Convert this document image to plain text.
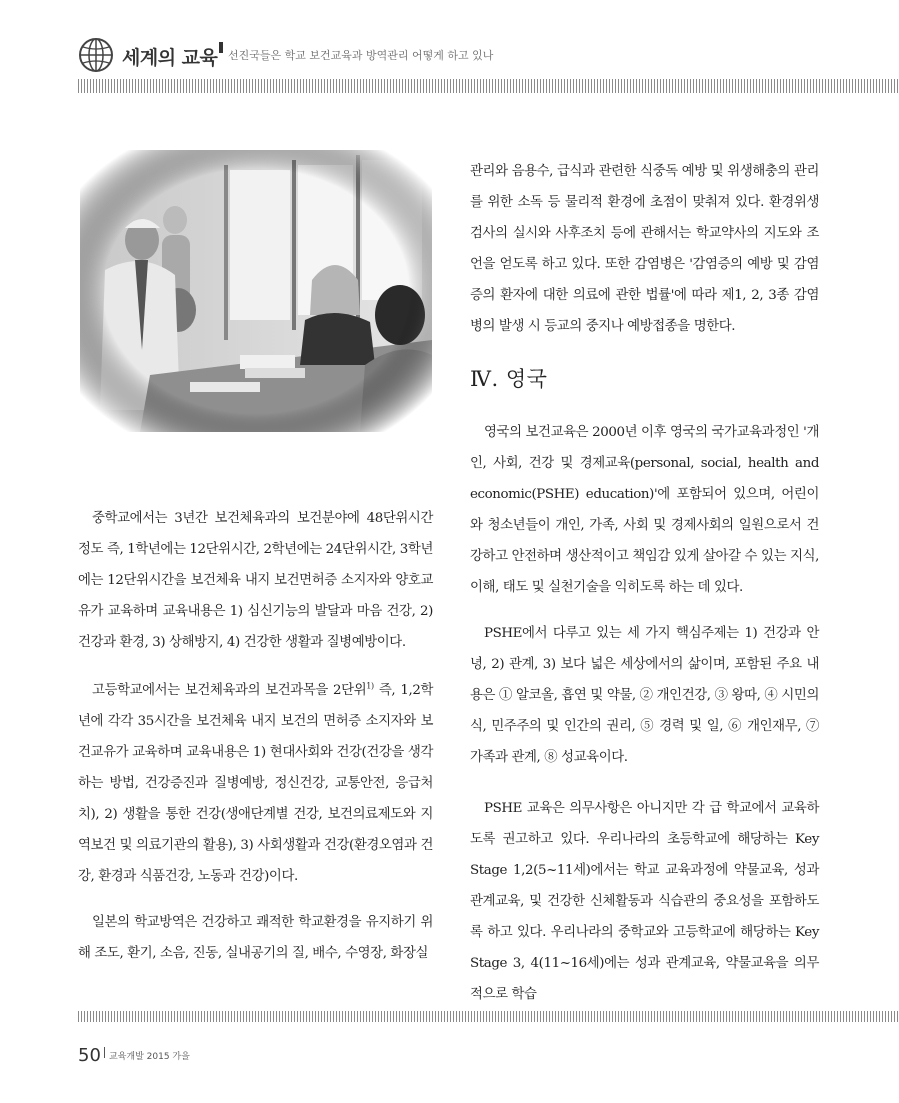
세계의 교육 선진국들은 학교 보건교육과 방역관리 어떻게 하고 있나

중학교에서는 3년간 보건체육과의 보건분야에 48단위시간 정도 즉, 1학년에는 12단위시간, 2학년에는 24단위시간, 3학년에는 12단위시간을 보건체육 내지 보건면허증 소지자와 양호교유가 교육하며 교육내용은 1) 심신기능의 발달과 마음 건강, 2) 건강과 환경, 3) 상해방지, 4) 건강한 생활과 질병예방이다.

고등학교에서는 보건체육과의 보건과목을 2단위$^{1)}$ 즉, 1,2학년에 각각 35시간을 보건체육 내지 보건의 면허증 소지자와 보건교유가 교육하며 교육내용은 1) 현대사회와 건강(건강을 생각하는 방법, 건강증진과 질병예방, 정신건강, 교통안전, 응급처치), 2) 생활을 통한 건강(생애단계별 건강, 보건의료제도와 지역보건 및 의료기관의 활용), 3) 사회생활과 건강(환경오염과 건강, 환경과 식품건강, 노동과 건강)이다.

일본의 학교방역은 건강하고 쾌적한 학교환경을 유지하기 위해 조도, 환기, 소음, 진동, 실내공기의 질, 배수, 수영장, 화장실

관리와 음용수, 급식과 관련한 식중독 예방 및 위생해충의 관리를 위한 소독 등 물리적 환경에 초점이 맞춰져 있다. 환경위생검사의 실시와 사후조치 등에 관해서는 학교약사의 지도와 조언을 얻도록 하고 있다. 또한 감염병은 '감염증의 예방 및 감염증의 환자에 대한 의료에 관한 법률'에 따라 제1, 2, 3종 감염병의 발생 시 등교의 중지나 예방접종을 명한다.

영국의 보건교육은 2000년 이후 영국의 국가교육과정인 '개인, 사회, 건강 및 경제교육(personal, social, health and economic(PSHE) education)'에 포함되어 있으며, 어린이와 청소년들이 개인, 가족, 사회 및 경제사회의 일원으로서 건강하고 안전하며 생산적이고 책임감 있게 살아갈 수 있는 지식, 이해, 태도 및 실천기술을 익히도록 하는 데 있다.

PSHE에서 다루고 있는 세 가지 핵심주제는 1) 건강과 안녕, 2) 관계, 3) 보다 넓은 세상에서의 삶이며, 포함된 주요 내용은 ① 알코올, 흡연 및 약물, ② 개인건강, ③ 왕따, ④ 시민의식, 민주주의 및 인간의 권리, ⑤ 경력 및 일, ⑥ 개인재무, ⑦ 가족과 관계, ⑧ 성교육이다.

PSHE 교육은 의무사항은 아니지만 각 급 학교에서 교육하도록 권고하고 있다. 우리나라의 초등학교에 해당하는 Key Stage 1,2(5~11세)에서는 학교 교육과정에 약물교육, 성과 관계교육, 및 건강한 신체활동과 식습관의 중요성을 포함하도록 하고 있다. 우리나라의 중학교와 고등학교에 해당하는 Key Stage 3, 4(11~16세)에는 성과 관계교육, 약물교육을 의무적으로 학습

Ⅳ. 영국
50 교육개발 2015 가을
